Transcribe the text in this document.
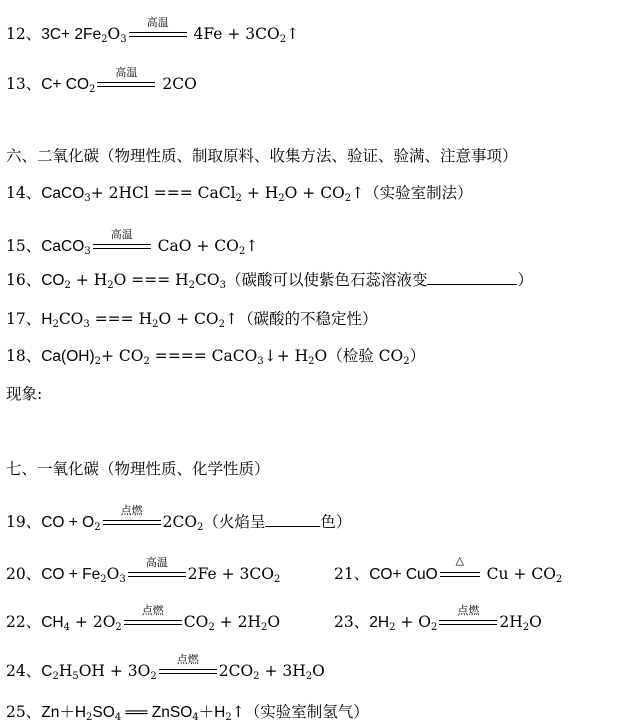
12、$3C+ 2Fe_2O_3$
高温
$4Fe + 3CO_2↑$
13、$C+ CO_2$
高温
2CO
六、二氧化碳（物理性质、制取原料、收集方法、验证、验满、注意事项）
14、CaCO$_3$+ 2HCl === CaCl$_2$ + $H_2O$ + $CO_2↑$（实验室制法）
15、CaCO$_3$
高温
CaO + $CO_2↑$
16、$CO_2 + H_2O$ === $H_2CO_3$（碳酸可以使紫色石蕊溶液变	）
17、$H_2CO_3$ === $H_2O$ + $CO_2↑$（碳酸的不稳定性）
18、$Ca(OH)_2+ CO_2$ ==== CaCO$_3$↓+ $H_2O$（检验 $CO_2$）
现象:
七、一氧化碳（物理性质、化学性质）
19、CO + $O_2$
点燃
$2CO_2$（火焰呈	色）
20、CO + $Fe_2O_3$
高温
$2Fe + 3CO_2$	21、CO+ CuO
△
$Cu + CO_2$
22、$CH_4 + 2O_2$
点燃
$CO_2 + 2H_2O$	23、$2H_2 + O_2$
点燃
$2H_2O$
24、$C_2H_5OH + 3O_2$
点燃
$2CO_2 + 3H_2O$
25、$Zn+H_2SO_4$ ══ $ZnSO_4+H_2↑$（实验室制氢气）
